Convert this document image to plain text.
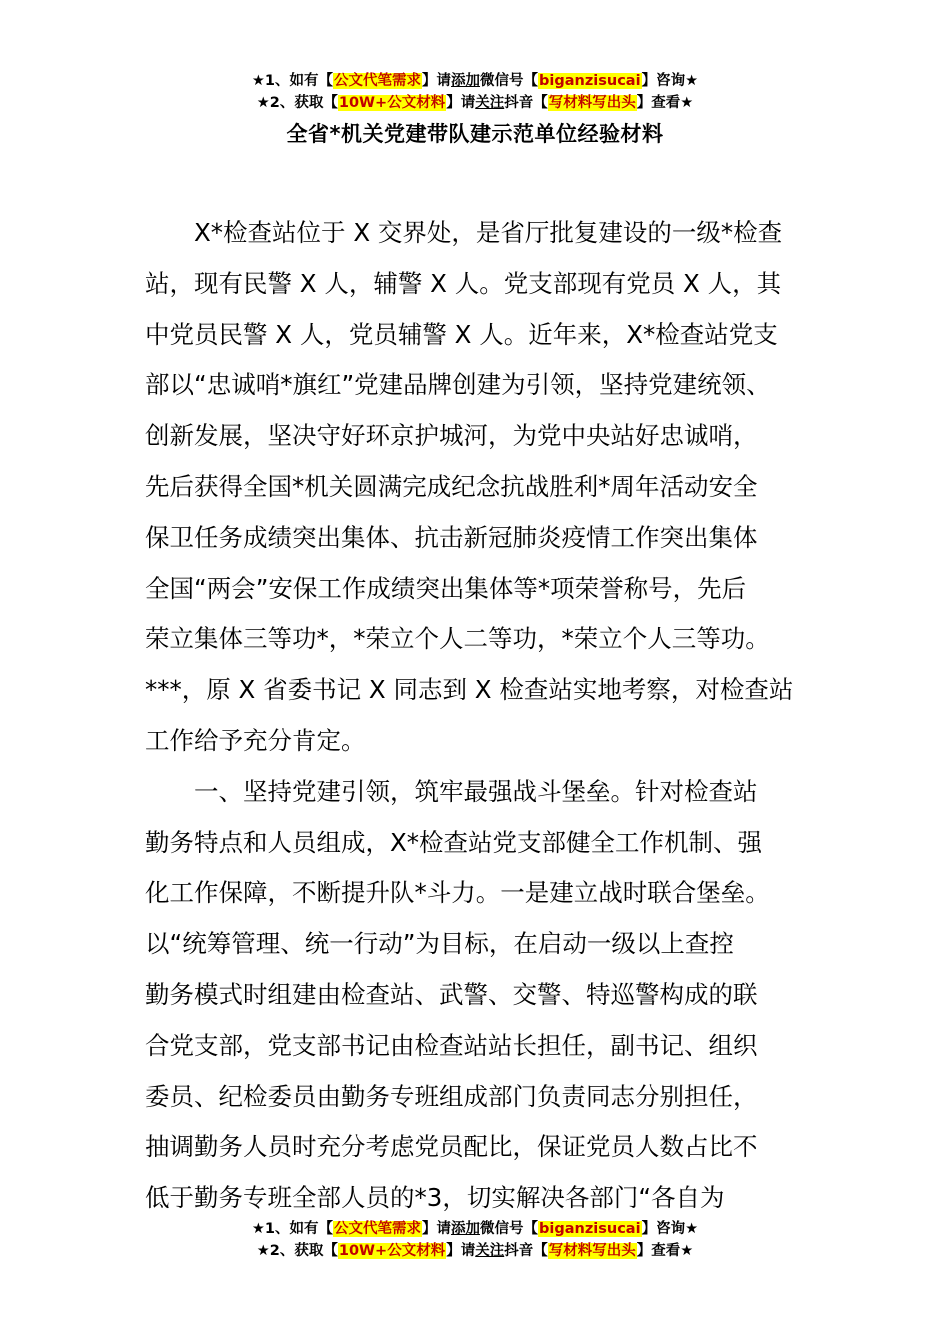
★1、如有【公文代笔需求】请添加微信号【biganzisucai】咨询★
★2、获取【10W+公文材料】请关注抖音【写材料写出头】查看★
全省*机关党建带队建示范单位经验材料
X*检查站位于 X 交界处，是省厅批复建设的一级*检查
站，现有民警 X 人，辅警 X 人。党支部现有党员 X 人，其
中党员民警 X 人，党员辅警 X 人。近年来，X*检查站党支
部以“忠诚哨*旗红”党建品牌创建为引领，坚持党建统领、
创新发展，坚决守好环京护城河，为党中央站好忠诚哨，
先后获得全国*机关圆满完成纪念抗战胜利*周年活动安全
保卫任务成绩突出集体、抗击新冠肺炎疫情工作突出集体
全国“两会”安保工作成绩突出集体等*项荣誉称号，先后
荣立集体三等功*，*荣立个人二等功，*荣立个人三等功。
***，原 X 省委书记 X 同志到 X 检查站实地考察，对检查站
工作给予充分肯定。
一、坚持党建引领，筑牢最强战斗堡垒。针对检查站
勤务特点和人员组成，X*检查站党支部健全工作机制、强
化工作保障，不断提升队*斗力。一是建立战时联合堡垒。
以“统筹管理、统一行动”为目标，在启动一级以上查控
勤务模式时组建由检查站、武警、交警、特巡警构成的联
合党支部，党支部书记由检查站站长担任，副书记、组织
委员、纪检委员由勤务专班组成部门负责同志分别担任，
抽调勤务人员时充分考虑党员配比，保证党员人数占比不
低于勤务专班全部人员的*3，切实解决各部门“各自为
★1、如有【公文代笔需求】请添加微信号【biganzisucai】咨询★
★2、获取【10W+公文材料】请关注抖音【写材料写出头】查看★
